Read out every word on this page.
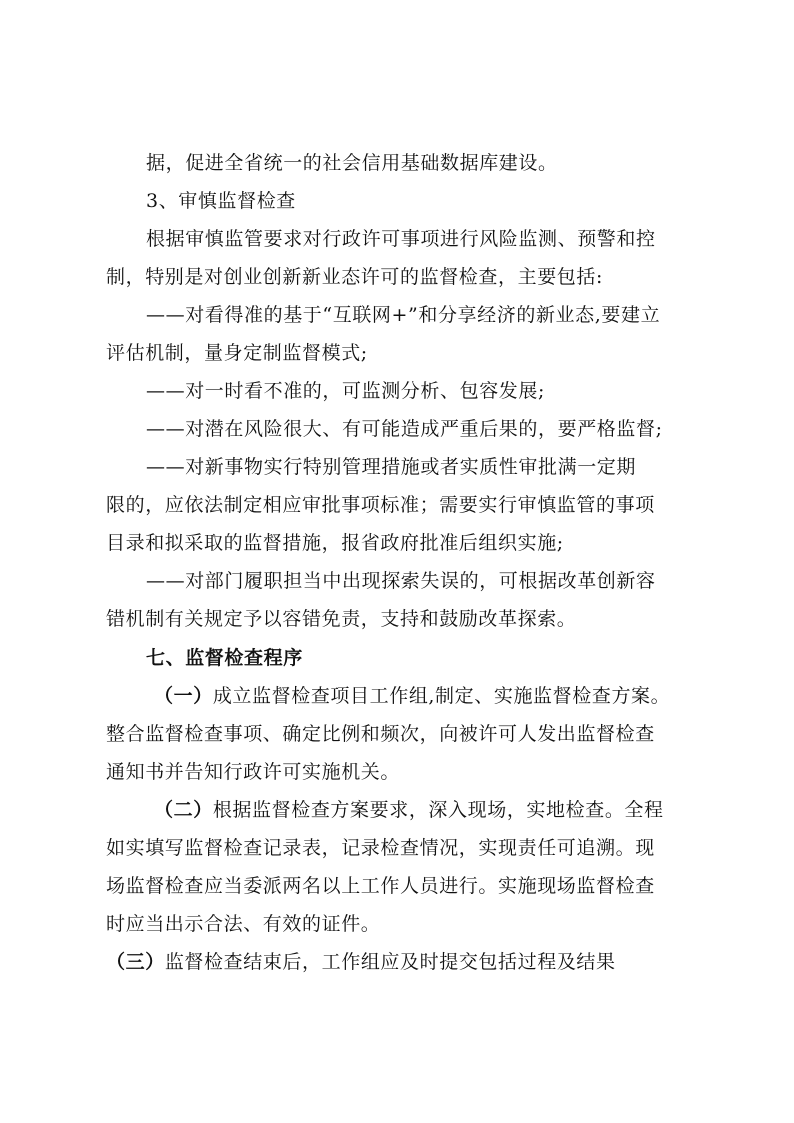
据，促进全省统一的社会信用基础数据库建设。
3、审慎监督检查
根据审慎监管要求对行政许可事项进行风险监测、预警和控
制，特别是对创业创新新业态许可的监督检查，主要包括:
——对看得准的基于“互联网+”和分享经济的新业态,要建立
评估机制，量身定制监督模式;
——对一时看不准的，可监测分析、包容发展;
——对潜在风险很大、有可能造成严重后果的，要严格监督;
——对新事物实行特别管理措施或者实质性审批满一定期
限的，应依法制定相应审批事项标准；需要实行审慎监管的事项
目录和拟采取的监督措施，报省政府批准后组织实施;
——对部门履职担当中出现探索失误的，可根据改革创新容
错机制有关规定予以容错免责，支持和鼓励改革探索。
七、监督检查程序
（一）成立监督检查项目工作组,制定、实施监督检查方案。
整合监督检查事项、确定比例和频次，向被许可人发出监督检查
通知书并告知行政许可实施机关。
（二）根据监督检查方案要求，深入现场，实地检查。全程
如实填写监督检查记录表，记录检查情况，实现责任可追溯。现
场监督检查应当委派两名以上工作人员进行。实施现场监督检查
时应当出示合法、有效的证件。
（三）监督检查结束后，工作组应及时提交包括过程及结果
